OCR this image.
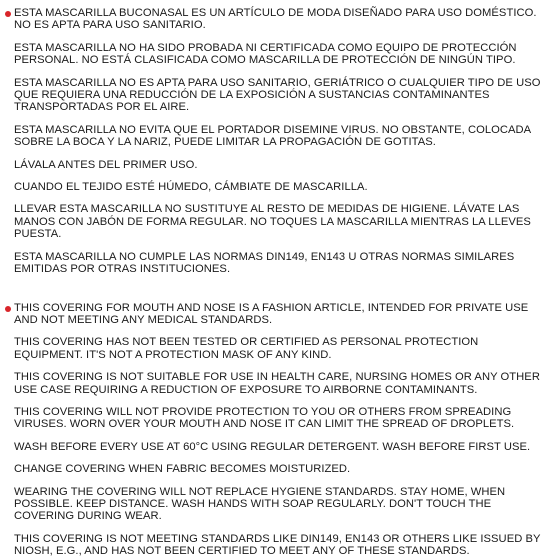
ESTA MASCARILLA BUCONASAL ES UN ARTÍCULO DE MODA DISEÑADO PARA USO DOMÉSTICO. NO ES APTA PARA USO SANITARIO.

ESTA MASCARILLA NO HA SIDO PROBADA NI CERTIFICADA COMO EQUIPO DE PROTECCIÓN PERSONAL. NO ESTÁ CLASIFICADA COMO MASCARILLA DE PROTECCIÓN DE NINGÚN TIPO.

ESTA MASCARILLA NO ES APTA PARA USO SANITARIO, GERIÁTRICO O CUALQUIER TIPO DE USO QUE REQUIERA UNA REDUCCIÓN DE LA EXPOSICIÓN A SUSTANCIAS CONTAMINANTES TRANSPORTADAS POR EL AIRE.

ESTA MASCARILLA NO EVITA QUE EL PORTADOR DISEMINE VIRUS. NO OBSTANTE, COLOCADA SOBRE LA BOCA Y LA NARIZ, PUEDE LIMITAR LA PROPAGACIÓN DE GOTITAS.

LÁVALA ANTES DEL PRIMER USO.

CUANDO EL TEJIDO ESTÉ HÚMEDO, CÁMBIATE DE MASCARILLA.

LLEVAR ESTA MASCARILLA NO SUSTITUYE AL RESTO DE MEDIDAS DE HIGIENE. LÁVATE LAS MANOS CON JABÓN DE FORMA REGULAR. NO TOQUES LA MASCARILLA MIENTRAS LA LLEVES PUESTA.

ESTA MASCARILLA NO CUMPLE LAS NORMAS DIN149, EN143 U OTRAS NORMAS SIMILARES EMITIDAS POR OTRAS INSTITUCIONES.

THIS COVERING FOR MOUTH AND NOSE IS A FASHION ARTICLE, INTENDED FOR PRIVATE USE AND NOT MEETING ANY MEDICAL STANDARDS.

THIS COVERING HAS NOT BEEN TESTED OR CERTIFIED AS PERSONAL PROTECTION EQUIPMENT. IT'S NOT A PROTECTION MASK OF ANY KIND.

THIS COVERING IS NOT SUITABLE FOR USE IN HEALTH CARE, NURSING HOMES OR ANY OTHER USE CASE REQUIRING A REDUCTION OF EXPOSURE TO AIRBORNE CONTAMINANTS.

THIS COVERING WILL NOT PROVIDE PROTECTION TO YOU OR OTHERS FROM SPREADING VIRUSES. WORN OVER YOUR MOUTH AND NOSE IT CAN LIMIT THE SPREAD OF DROPLETS.

WASH BEFORE EVERY USE AT 60°C USING REGULAR DETERGENT. WASH BEFORE FIRST USE.

CHANGE COVERING WHEN FABRIC BECOMES MOISTURIZED.

WEARING THE COVERING WILL NOT REPLACE HYGIENE STANDARDS. STAY HOME, WHEN POSSIBLE. KEEP DISTANCE. WASH HANDS WITH SOAP REGULARLY. DON'T TOUCH THE COVERING DURING WEAR.

THIS COVERING IS NOT MEETING STANDARDS LIKE DIN149, EN143 OR OTHERS LIKE ISSUED BY NIOSH, E.G., AND HAS NOT BEEN CERTIFIED TO MEET ANY OF THESE STANDARDS.
